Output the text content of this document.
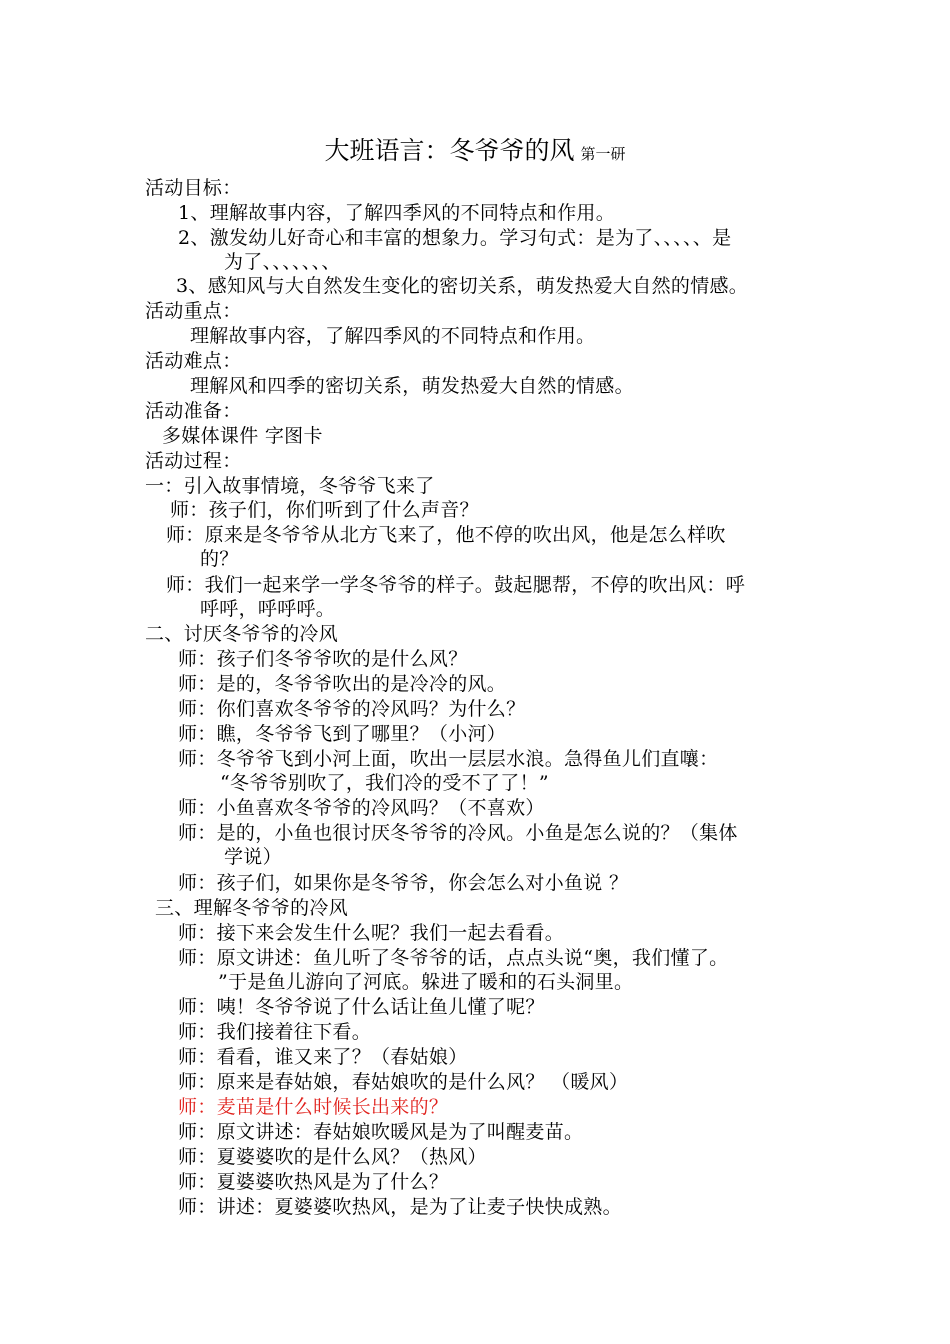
大班语言：冬爷爷的风 第一研
活动目标：
1、理解故事内容，了解四季风的不同特点和作用。
2、激发幼儿好奇心和丰富的想象力。学习句式：是为了、、、、、是
为了、、、、、、、
3、感知风与大自然发生变化的密切关系，萌发热爱大自然的情感。
活动重点：
理解故事内容，了解四季风的不同特点和作用。
活动难点：
理解风和四季的密切关系，萌发热爱大自然的情感。
活动准备：
多媒体课件 字图卡
活动过程：
一：引入故事情境，冬爷爷飞来了
师：孩子们，你们听到了什么声音？
师：原来是冬爷爷从北方飞来了，他不停的吹出风，他是怎么样吹
的？
师：我们一起来学一学冬爷爷的样子。鼓起腮帮，不停的吹出风：呼
呼呼，呼呼呼。
二、讨厌冬爷爷的冷风
师：孩子们冬爷爷吹的是什么风？
师：是的，冬爷爷吹出的是冷冷的风。
师：你们喜欢冬爷爷的冷风吗？为什么？
师：瞧，冬爷爷飞到了哪里？（小河）
师：冬爷爷飞到小河上面，吹出一层层水浪。急得鱼儿们直嚷：
“冬爷爷别吹了，我们冷的受不了了！”
师：小鱼喜欢冬爷爷的冷风吗？（不喜欢）
师：是的，小鱼也很讨厌冬爷爷的冷风。小鱼是怎么说的？（集体
学说）
师：孩子们，如果你是冬爷爷，你会怎么对小鱼说 ？
三、理解冬爷爷的冷风
师：接下来会发生什么呢？我们一起去看看。
师：原文讲述：鱼儿听了冬爷爷的话，点点头说“奥，我们懂了。
”于是鱼儿游向了河底。躲进了暖和的石头洞里。
师：咦！冬爷爷说了什么话让鱼儿懂了呢？
师：我们接着往下看。
师：看看，谁又来了？（春姑娘）
师：原来是春姑娘，春姑娘吹的是什么风？ （暖风）
师：麦苗是什么时候长出来的？
师：原文讲述：春姑娘吹暖风是为了叫醒麦苗。
师：夏婆婆吹的是什么风？（热风）
师：夏婆婆吹热风是为了什么？
师：讲述：夏婆婆吹热风，是为了让麦子快快成熟。
